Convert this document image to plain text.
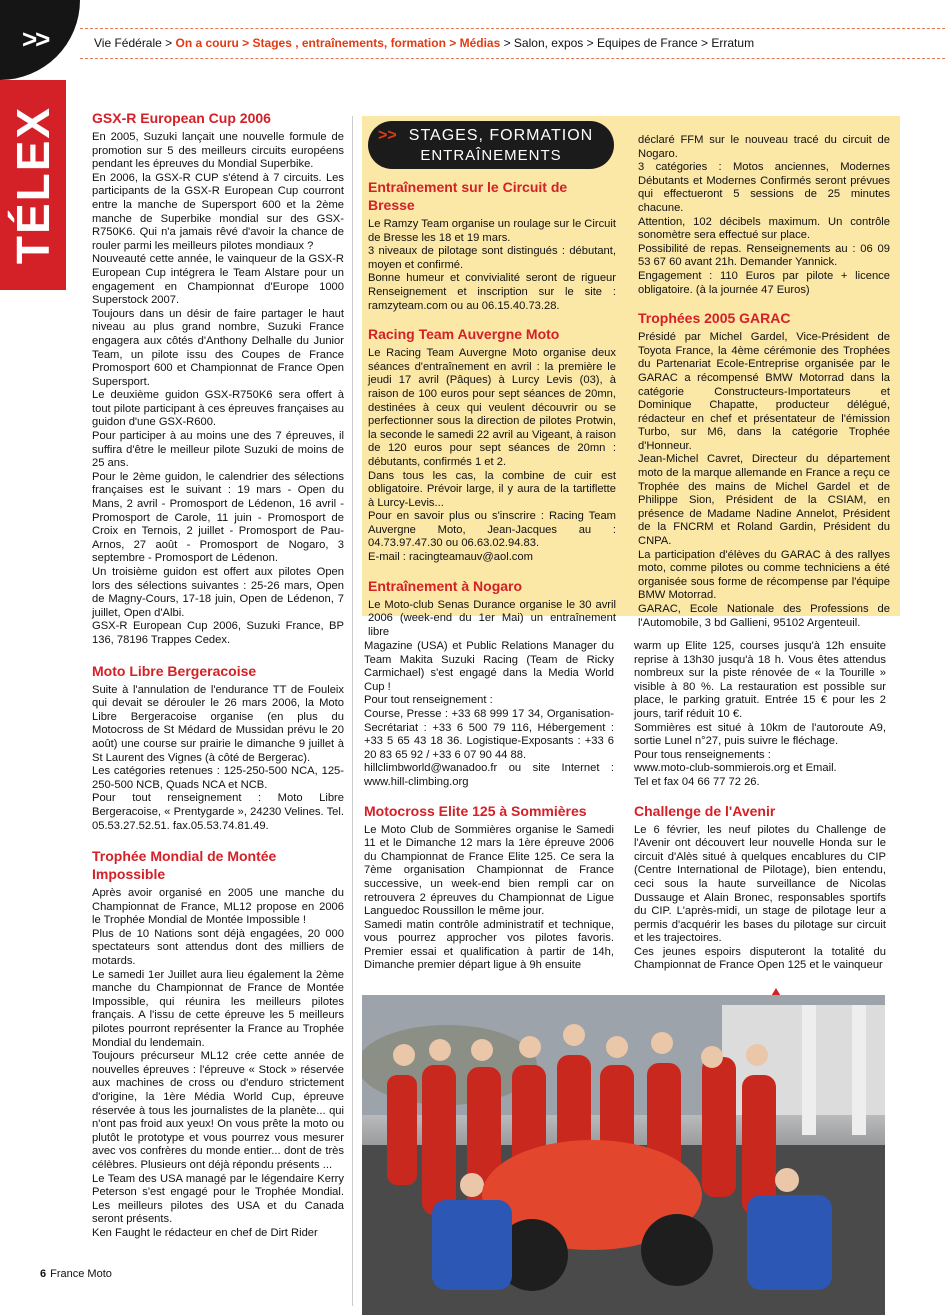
>>	Vie Fédérale > On a couru > Stages , entraînements, formation > Médias > Salon, expos > Equipes de France > Erratum
TÉLEX GSX-R European Cup 2006

En 2005, Suzuki lançait une nouvelle formule de promotion sur 5 des meilleurs circuits européens pendant les épreuves du Mondial Superbike.

En 2006, la GSX-R CUP s'étend à 7 circuits. Les participants de la GSX-R European Cup courront entre la manche de Supersport 600 et la 2ème manche de Superbike mondial sur des GSX-R750K6. Qui n'a jamais rêvé d'avoir la chance de rouler parmi les meilleurs pilotes mondiaux ?

Nouveauté cette année, le vainqueur de la GSX-R European Cup intégrera le Team Alstare pour un engagement en Championnat d'Europe 1000 Superstock 2007.

Toujours dans un désir de faire partager le haut niveau au plus grand nombre, Suzuki France engagera aux côtés d'Anthony Delhalle du Junior Team, un pilote issu des Coupes de France Promosport 600 et Championnat de France Open Supersport.

Le deuxième guidon GSX-R750K6 sera offert à tout pilote participant à ces épreuves françaises au guidon d'une GSX-R600.

Pour participer à au moins une des 7 épreuves, il suffira d'être le meilleur pilote Suzuki de moins de 25 ans.

Pour le 2ème guidon, le calendrier des sélections françaises est le suivant : 19 mars - Open du Mans, 2 avril - Promosport de Lédenon, 16 avril - Promosport de Carole, 11 juin - Promosport de Croix en Ternois, 2 juillet - Promosport de Pau-Arnos, 27 août - Promosport de Nogaro, 3 septembre - Promosport de Lédenon.

Un troisième guidon est offert aux pilotes Open lors des sélections suivantes : 25-26 mars, Open de Magny-Cours, 17-18 juin, Open de Lédenon, 7 juillet, Open d'Albi.

GSX-R European Cup 2006, Suzuki France, BP 136, 78196 Trappes Cedex.

Moto Libre Bergeracoise

Suite à l'annulation de l'endurance TT de Fouleix qui devait se dérouler le 26 mars 2006, la Moto Libre Bergeracoise organise (en plus du Motocross de St Médard de Mussidan prévu le 20 août) une course sur prairie le dimanche 9 juillet à St Laurent des Vignes (à côté de Bergerac).

Les catégories retenues : 125-250-500 NCA, 125-250-500 NCB, Quads NCA et NCB.

Pour tout renseignement : Moto Libre Bergeracoise, « Prentygarde », 24230 Velines. Tel. 05.53.27.52.51. fax.05.53.74.81.49.

Trophée Mondial de Montée Impossible

Après avoir organisé en 2005 une manche du Championnat de France, ML12 propose en 2006 le Trophée Mondial de Montée Impossible !

Plus de 10 Nations sont déjà engagées, 20 000 spectateurs sont attendus dont des milliers de motards.

Le samedi 1er Juillet aura lieu également la 2ème manche du Championnat de France de Montée Impossible, qui réunira les meilleurs pilotes français. A l'issu de cette épreuve les 5 meilleurs pilotes pourront représenter la France au Trophée Mondial du lendemain.

Toujours précurseur ML12 crée cette année de nouvelles épreuves : l'épreuve « Stock » réservée aux machines de cross ou d'enduro strictement d'origine, la 1ère Média World Cup, épreuve réservée à tous les journalistes de la planète... qui n'ont pas froid aux yeux! On vous prête la moto ou plutôt le prototype et vous pourrez vous mesurer avec vos confrères du monde entier... dont de très célèbres. Plusieurs ont déjà répondu présents ...

Le Team des USA managé par le légendaire Kerry Peterson s'est engagé pour le Trophée Mondial. Les meilleurs pilotes des USA et du Canada seront présents.

Ken Faught le rédacteur en chef de Dirt Rider

>> STAGES, FORMATION
ENTRAÎNEMENTS
Entraînement sur le Circuit de Bresse

Le Ramzy Team organise un roulage sur le Circuit de Bresse les 18 et 19 mars.

3 niveaux de pilotage sont distingués : débutant, moyen et confirmé.

Bonne humeur et convivialité seront de rigueur Renseignement et inscription sur le site : ramzyteam.com ou au 06.15.40.73.28.

Racing Team Auvergne Moto

Le Racing Team Auvergne Moto organise deux séances d'entraînement en avril : la première le jeudi 17 avril (Pâques) à Lurcy Levis (03), à raison de 100 euros pour sept séances de 20mn, destinées à ceux qui veulent découvrir ou se perfectionner sous la direction de pilotes Protwin, la seconde le samedi 22 avril au Vigeant, à raison de 120 euros pour sept séances de 20mn : débutants, confirmés 1 et 2.

Dans tous les cas, la combine de cuir est obligatoire. Prévoir large, il y aura de la tartiflette à Lurcy-Levis...

Pour en savoir plus ou s'inscrire : Racing Team Auvergne Moto, Jean-Jacques au : 04.73.97.47.30 ou 06.63.02.94.83.

E-mail : racingteamauv@aol.com

Entraînement à Nogaro

Le Moto-club Senas Durance organise le 30 avril 2006 (week-end du 1er Mai) un entraînement libre

déclaré FFM sur le nouveau tracé du circuit de Nogaro.

3 catégories : Motos anciennes, Modernes Débutants et Modernes Confirmés seront prévues qui effectueront 5 sessions de 25 minutes chacune.

Attention, 102 décibels maximum. Un contrôle sonomètre sera effectué sur place.

Possibilité de repas. Renseignements au : 06 09 53 67 60 avant 21h. Demander Yannick.

Engagement : 110 Euros par pilote + licence obligatoire. (à la journée 47 Euros)

Trophées 2005 GARAC

Présidé par Michel Gardel, Vice-Président de Toyota France, la 4ème cérémonie des Trophées du Partenariat Ecole-Entreprise organisée par le GARAC a récompensé BMW Motorrad dans la catégorie Constructeurs-Importateurs et Dominique Chapatte, producteur délégué, rédacteur en chef et présentateur de l'émission Turbo, sur M6, dans la catégorie Trophée d'Honneur.

Jean-Michel Cavret, Directeur du département moto de la marque allemande en France a reçu ce Trophée des mains de Michel Gardel et de Philippe Sion, Président de la CSIAM, en présence de Madame Nadine Annelot, Président de la FNCRM et Roland Gardin, Président du CNPA.

La participation d'élèves du GARAC à des rallyes moto, comme pilotes ou comme techniciens a été organisée sous forme de récompense par l'équipe BMW Motorrad.

GARAC, Ecole Nationale des Professions de l'Automobile, 3 bd Gallieni, 95102 Argenteuil.

Magazine (USA) et Public Relations Manager du Team Makita Suzuki Racing (Team de Ricky Carmichael) s'est engagé dans la Media World Cup !

Pour tout renseignement :

Course, Presse : +33 68 999 17 34, Organisation-Secrétariat : +33 6 500 79 116, Hébergement : +33 5 65 43 18 36. Logistique-Exposants : +33 6 20 83 65 92 / +33 6 07 90 44 88.

hillclimbworld@wanadoo.fr ou site Internet : www.hill-climbing.org

Motocross Elite 125 à Sommières

Le Moto Club de Sommières organise le Samedi 11 et le Dimanche 12 mars la 1ère épreuve 2006 du Championnat de France Elite 125. Ce sera la 7ème organisation Championnat de France successive, un week-end bien rempli car on retrouvera 2 épreuves du Championnat de Ligue Languedoc Roussillon le même jour.

Samedi matin contrôle administratif et technique, vous pourrez approcher vos pilotes favoris. Premier essai et qualification à partir de 14h, Dimanche premier départ ligue à 9h ensuite

warm up Elite 125, courses jusqu'à 12h ensuite reprise à 13h30 jusqu'à 18 h. Vous êtes attendus nombreux sur la piste rénovée de « la Tourille » visible à 80 %. La restauration est possible sur place, le parking gratuit. Entrée 15 € pour les 2 jours, tarif réduit 10 €.

Sommières est situé à 10km de l'autoroute A9, sortie Lunel n°27, puis suivre le fléchage.

Pour tous renseignements :

www.moto-club-sommierois.org et Email.

Tel et fax 04 66 77 72 26.

Challenge de l'Avenir

Le 6 février, les neuf pilotes du Challenge de l'Avenir ont découvert leur nouvelle Honda sur le circuit d'Alès situé à quelques encablures du CIP (Centre International de Pilotage), bien entendu, ceci sous la haute surveillance de Nicolas Dussauge et Alain Bronec, responsables sportifs du CIP. L'après-midi, un stage de pilotage leur a permis d'acquérir les bases du pilotage sur circuit et les trajectoires.

Ces jeunes espoirs disputeront la totalité du Championnat de France Open 125 et le vainqueur

6 France Moto
